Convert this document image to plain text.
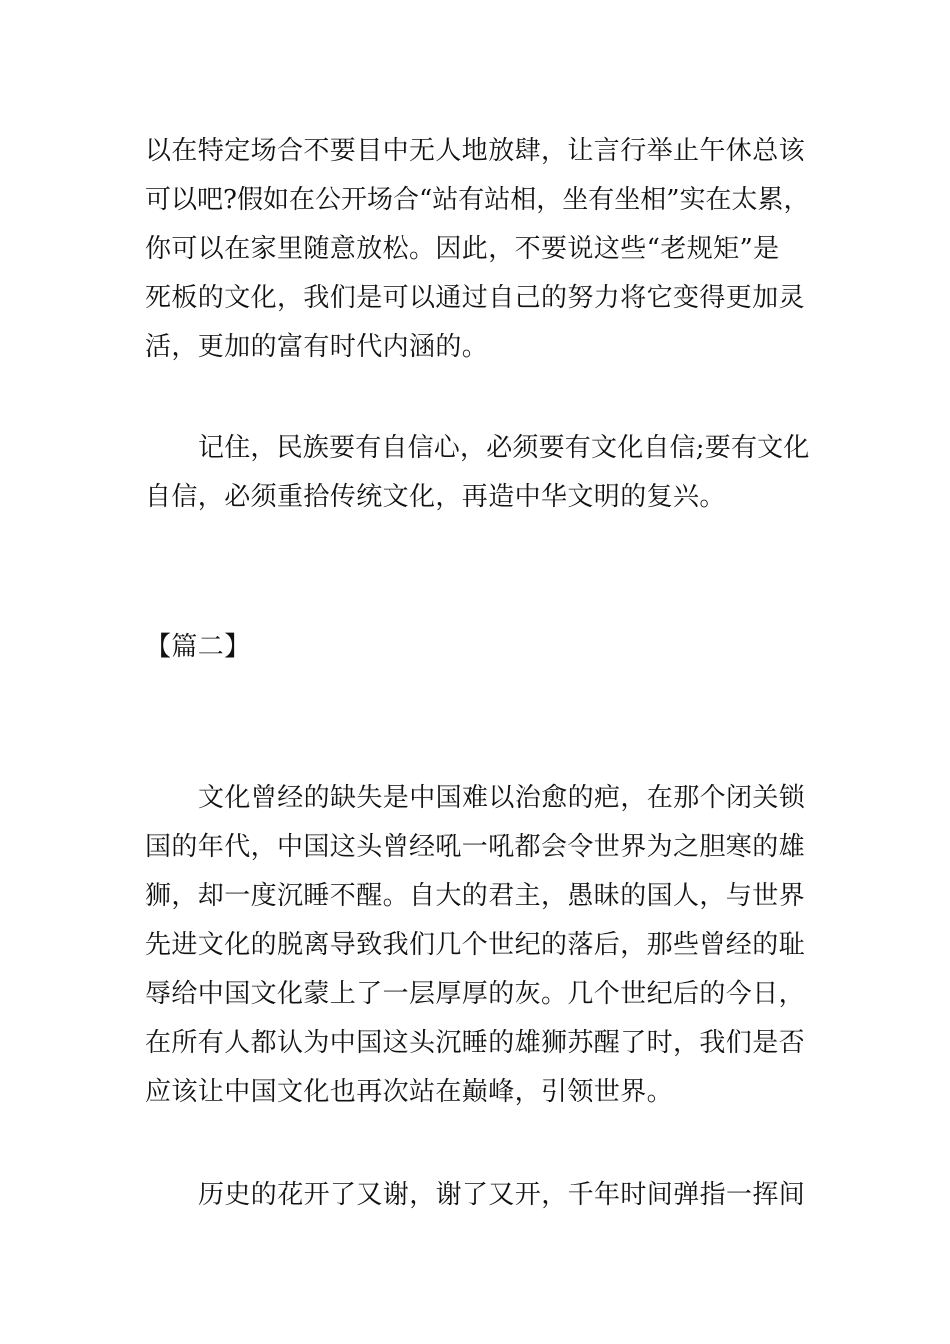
以在特定场合不要目中无人地放肆，让言行举止午休总该
可以吧?假如在公开场合“站有站相，坐有坐相”实在太累，
你可以在家里随意放松。因此，不要说这些“老规矩”是
死板的文化，我们是可以通过自己的努力将它变得更加灵
活，更加的富有时代内涵的。
记住，民族要有自信心，必须要有文化自信;要有文化
自信，必须重拾传统文化，再造中华文明的复兴。
【篇二】
文化曾经的缺失是中国难以治愈的疤，在那个闭关锁
国的年代，中国这头曾经吼一吼都会令世界为之胆寒的雄
狮，却一度沉睡不醒。自大的君主，愚昧的国人，与世界
先进文化的脱离导致我们几个世纪的落后，那些曾经的耻
辱给中国文化蒙上了一层厚厚的灰。几个世纪后的今日，
在所有人都认为中国这头沉睡的雄狮苏醒了时，我们是否
应该让中国文化也再次站在巅峰，引领世界。
历史的花开了又谢，谢了又开，千年时间弹指一挥间
